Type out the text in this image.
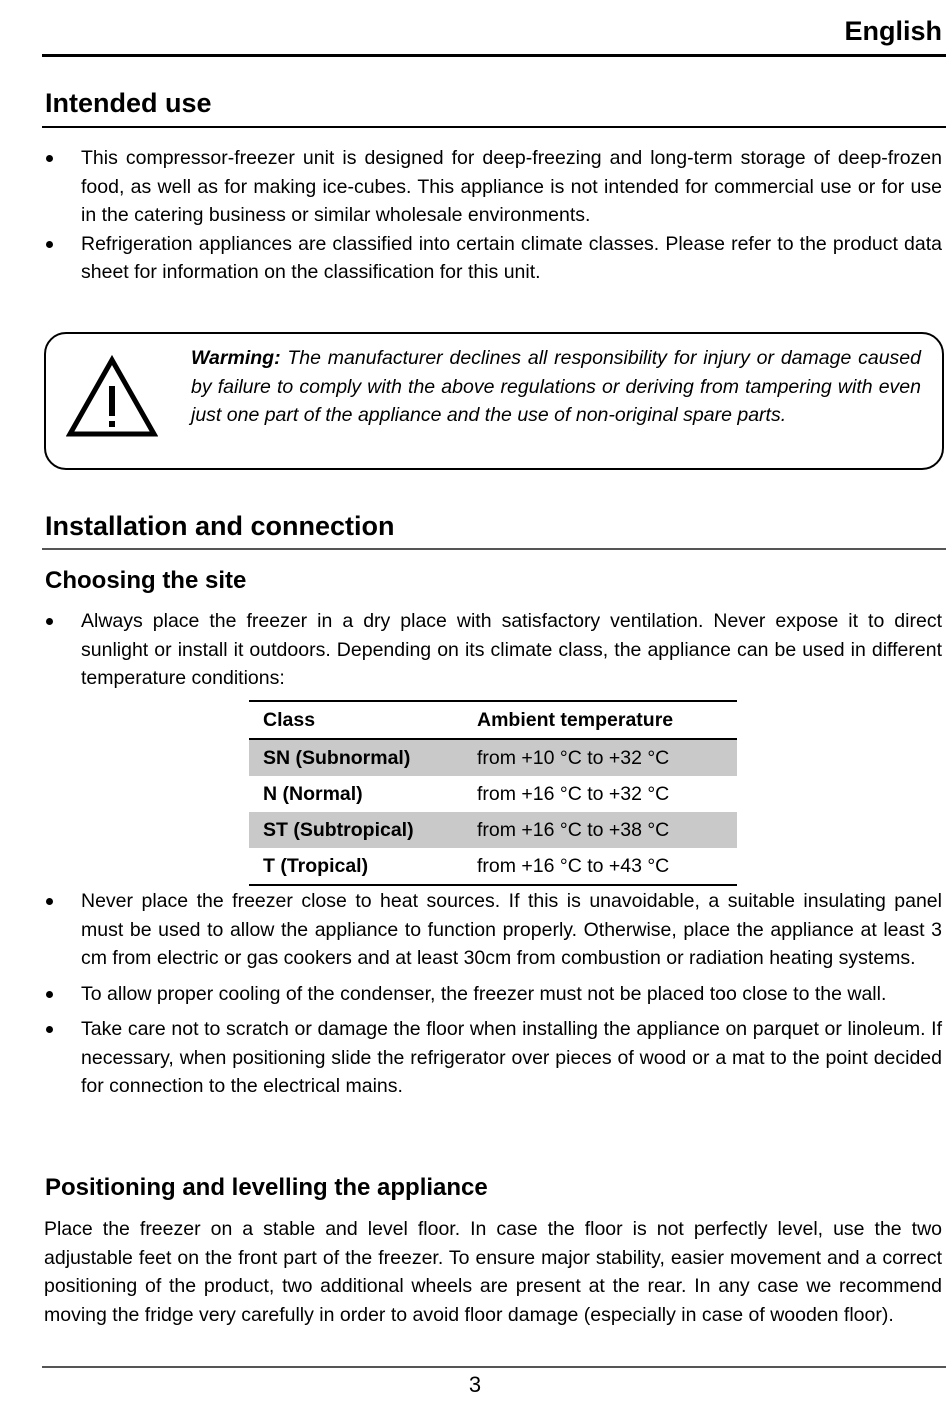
English
Intended use
This compressor-freezer unit is designed for deep-freezing and long-term storage of deep-frozen food, as well as for making ice-cubes. This appliance is not intended for commercial use or for use in the catering business or similar wholesale environments.
Refrigeration appliances are classified into certain climate classes. Please refer to the product data sheet for information on the classification for this unit.
Warming: The manufacturer declines all responsibility for injury or damage caused by failure to comply with the above regulations or deriving from tampering with even just one part of the appliance and the use of non-original spare parts.
Installation and connection
Choosing the site
Always place the freezer in a dry place with satisfactory ventilation. Never expose it to direct sunlight or install it outdoors. Depending on its climate class, the appliance can be used in different temperature conditions:
Class	Ambient temperature
SN (Subnormal)	from +10 °C to +32 °C
N (Normal)	from +16 °C to +32 °C
ST (Subtropical)	from +16 °C to +38 °C
T (Tropical)	from +16 °C to +43 °C
Never place the freezer close to heat sources. If this is unavoidable, a suitable insulating panel must be used to allow the appliance to function properly. Otherwise, place the appliance at least 3 cm from electric or gas cookers and at least 30cm from combustion or radiation heating systems.
To allow proper cooling of the condenser, the freezer must not be placed too close to the wall.
Take care not to scratch or damage the floor when installing the appliance on parquet or linoleum. If necessary, when positioning slide the refrigerator over pieces of wood or a mat to the point decided for connection to the electrical mains.
Positioning and levelling the appliance

Place the freezer on a stable and level floor. In case the floor is not perfectly level, use the two adjustable feet on the front part of the freezer. To ensure major stability, easier movement and a correct positioning of the product, two additional wheels are present at the rear. In any case we recommend moving the fridge very carefully in order to avoid floor damage (especially in case of wooden floor).

3
